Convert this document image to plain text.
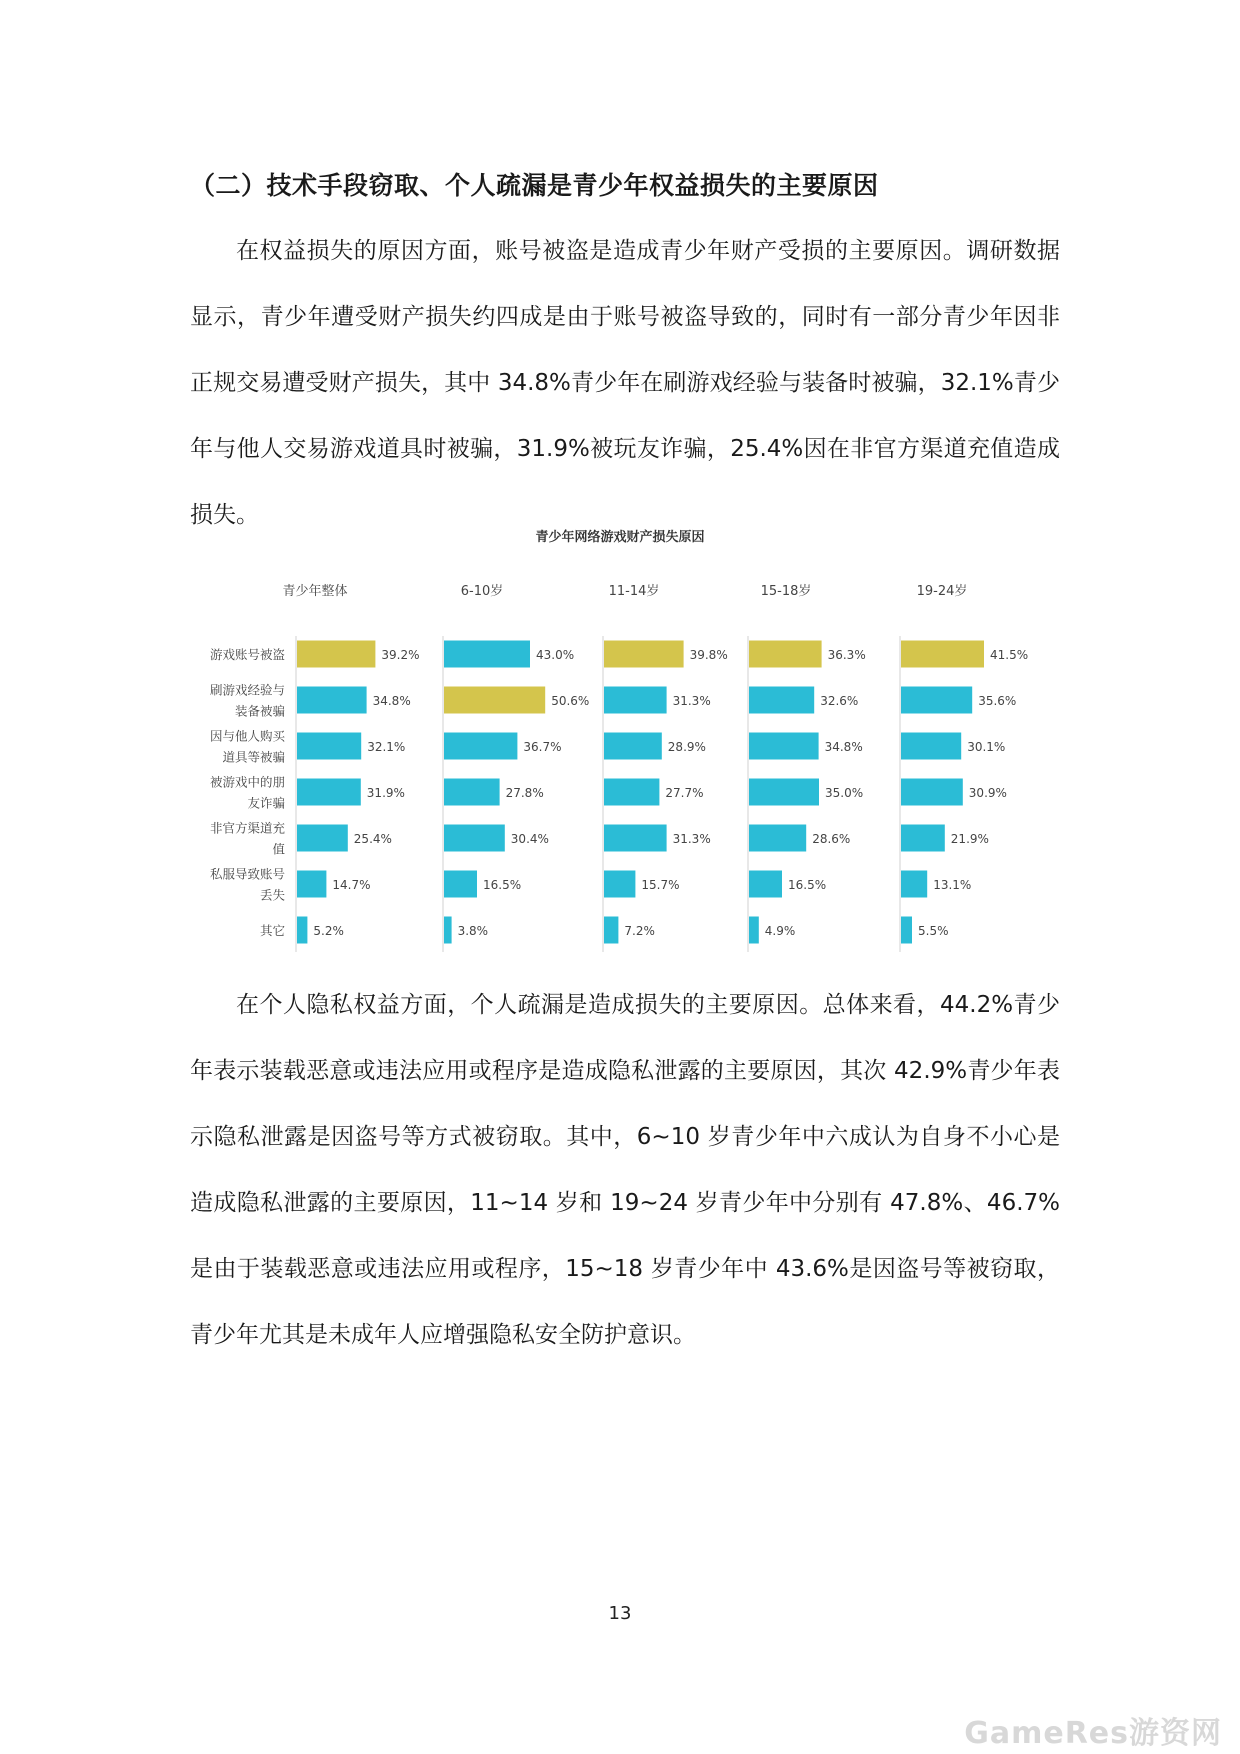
（二）技术手段窃取、个人疏漏是青少年权益损失的主要原因

在权益损失的原因方面，账号被盗是造成青少年财产受损的主要原因。调研数据显示，青少年遭受财产损失约四成是由于账号被盗导致的，同时有一部分青少年因非正规交易遭受财产损失，其中 34.8%青少年在刷游戏经验与装备时被骗，32.1%青少年与他人交易游戏道具时被骗，31.9%被玩友诈骗，25.4%因在非官方渠道充值造成损失。

青少年网络游戏财产损失原因
游戏账号被盗
刷游戏经验与
装备被骗
因与他人购买
道具等被骗
被游戏中的朋
友诈骗
非官方渠道充
值
私服导致账号
丢失
其它
青少年整体
39.2%
34.8%
32.1%
31.9%
25.4%
14.7%
5.2%
6-10岁
43.0%
50.6%
36.7%
27.8%
30.4%
16.5%
3.8%
11-14岁
39.8%
31.3%
28.9%
27.7%
31.3%
15.7%
7.2%
15-18岁
36.3%
32.6%
34.8%
35.0%
28.6%
16.5%
4.9%
19-24岁
41.5%
35.6%
30.1%
30.9%
21.9%
13.1%
5.5%

在个人隐私权益方面，个人疏漏是造成损失的主要原因。总体来看，44.2%青少年表示装载恶意或违法应用或程序是造成隐私泄露的主要原因，其次 42.9%青少年表示隐私泄露是因盗号等方式被窃取。其中，6~10 岁青少年中六成认为自身不小心是造成隐私泄露的主要原因，11~14 岁和 19~24 岁青少年中分别有 47.8%、46.7%是由于装载恶意或违法应用或程序，15~18 岁青少年中 43.6%是因盗号等被窃取，青少年尤其是未成年人应增强隐私安全防护意识。

13
GameRes游资网
